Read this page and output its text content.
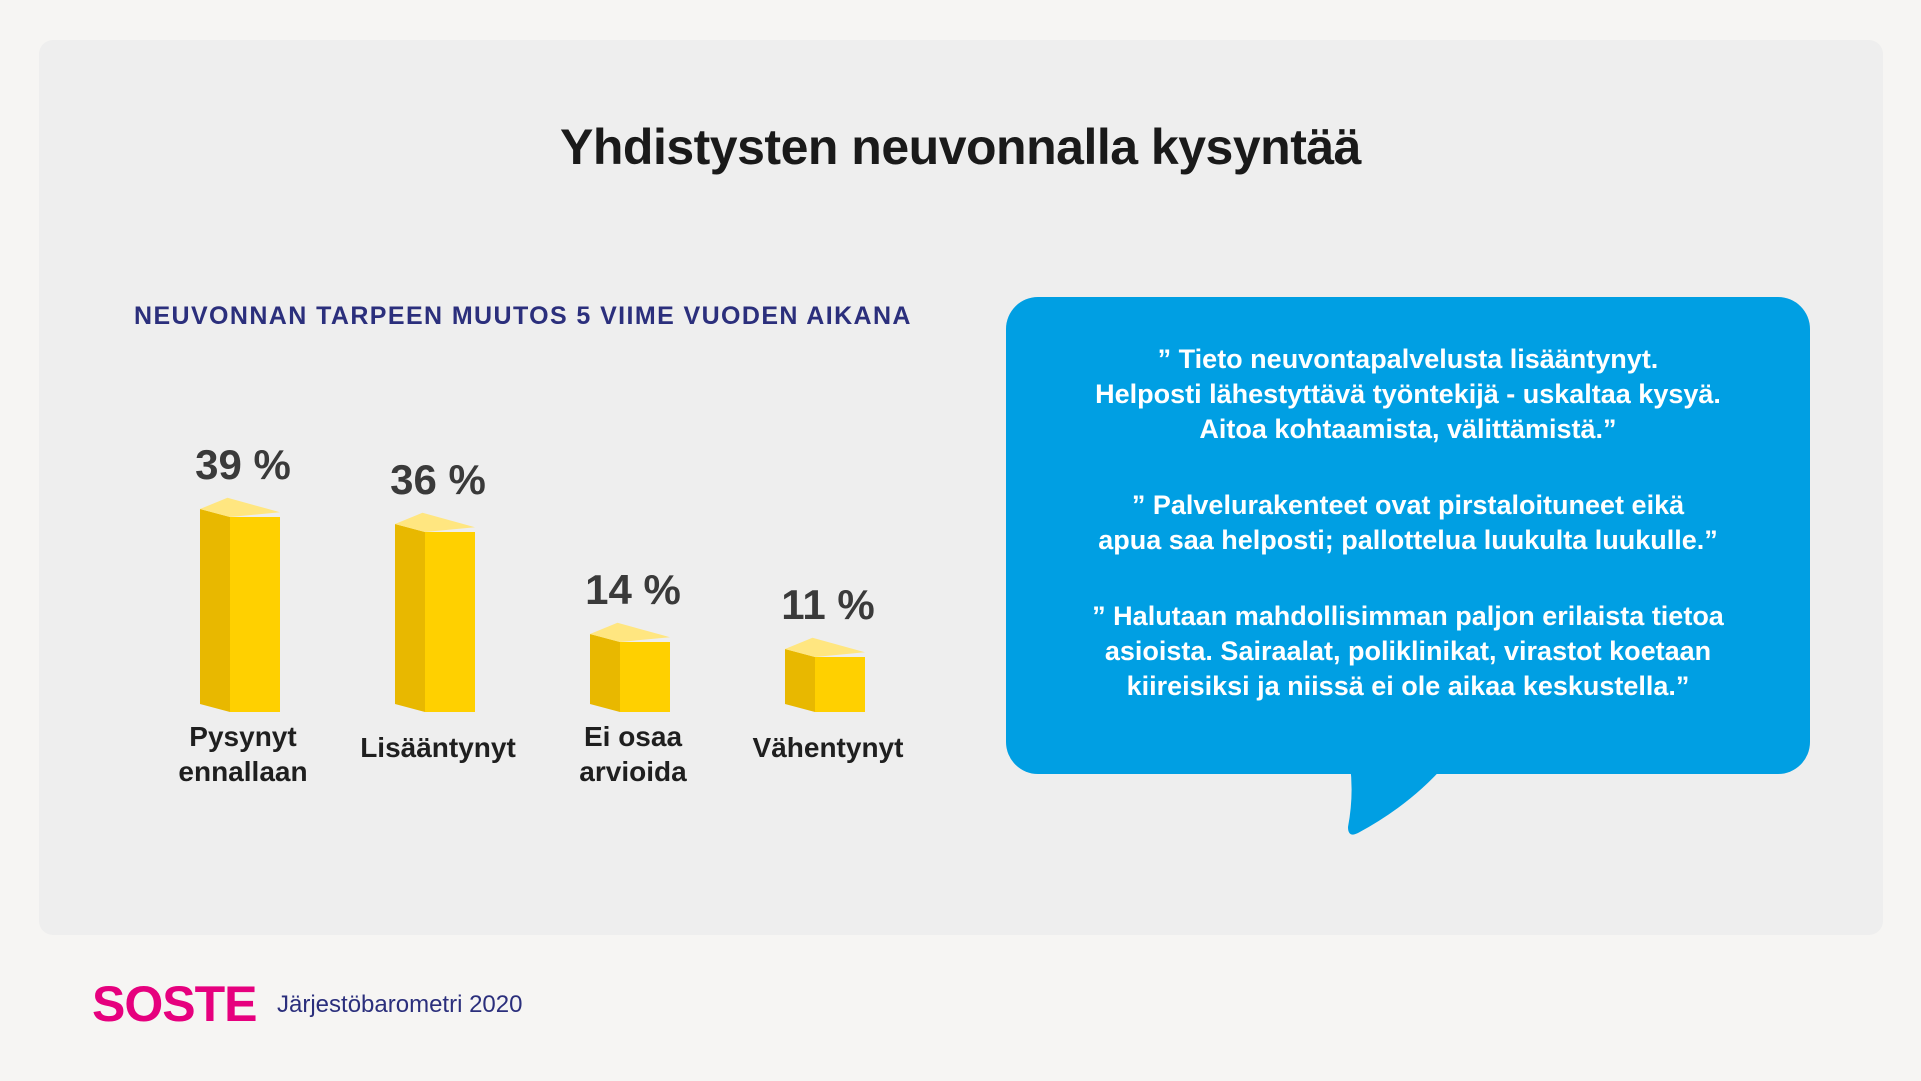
Yhdistysten neuvonnalla kysyntää
NEUVONNAN TARPEEN MUUTOS 5 VIIME VUODEN AIKANA
39 %
Pysynyt ennallaan
36 %
Lisääntynyt
14 %
Ei osaa arvioida
11 %
Vähentynyt

” Tieto neuvontapalvelusta lisääntynyt.
Helposti lähestyttävä työntekijä - uskaltaa kysyä.
Aitoa kohtaamista, välittämistä.”

” Palvelurakenteet ovat pirstaloituneet eikä
apua saa helposti; pallottelua luukulta luukulle.”

” Halutaan mahdollisimman paljon erilaista tietoa
asioista. Sairaalat, poliklinikat, virastot koetaan
kiireisiksi ja niissä ei ole aikaa keskustella.”

SOSTE Järjestöbarometri 2020
